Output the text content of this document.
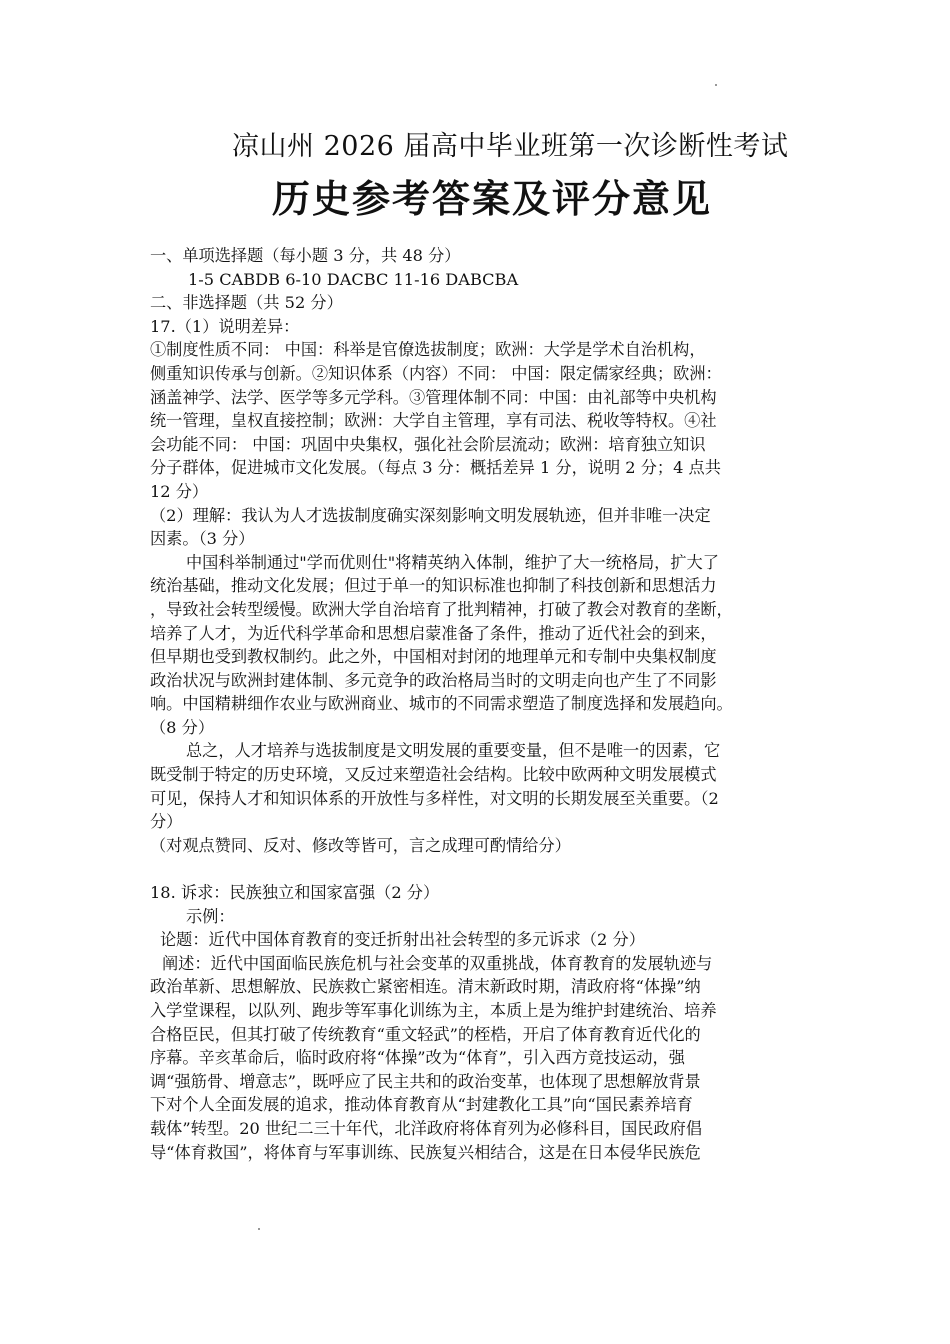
凉山州 2026 届高中毕业班第一次诊断性考试
历史参考答案及评分意见
一、单项选择题（每小题 3 分，共 48 分）
1-5 CABDB 6-10 DACBC 11-16 DABCBA
二、非选择题（共 52 分）
17.（1）说明差异：
①制度性质不同： 中国：科举是官僚选拔制度；欧洲：大学是学术自治机构，
侧重知识传承与创新。②知识体系（内容）不同： 中国：限定儒家经典；欧洲：
涵盖神学、法学、医学等多元学科。③管理体制不同：中国：由礼部等中央机构
统一管理，皇权直接控制；欧洲：大学自主管理，享有司法、税收等特权。④社
会功能不同： 中国：巩固中央集权，强化社会阶层流动；欧洲：培育独立知识
分子群体，促进城市文化发展。（每点 3 分：概括差异 1 分，说明 2 分；4 点共
12 分）
（2）理解：我认为人才选拔制度确实深刻影响文明发展轨迹，但并非唯一决定
因素。（3 分）
中国科举制通过"学而优则仕"将精英纳入体制，维护了大一统格局，扩大了
统治基础，推动文化发展；但过于单一的知识标准也抑制了科技创新和思想活力
，导致社会转型缓慢。欧洲大学自治培育了批判精神，打破了教会对教育的垄断，
培养了人才，为近代科学革命和思想启蒙准备了条件，推动了近代社会的到来，
但早期也受到教权制约。此之外，中国相对封闭的地理单元和专制中央集权制度
政治状况与欧洲封建体制、多元竞争的政治格局当时的文明走向也产生了不同影
响。中国精耕细作农业与欧洲商业、城市的不同需求塑造了制度选择和发展趋向。
（8 分）
总之，人才培养与选拔制度是文明发展的重要变量，但不是唯一的因素，它
既受制于特定的历史环境，又反过来塑造社会结构。比较中欧两种文明发展模式
可见，保持人才和知识体系的开放性与多样性，对文明的长期发展至关重要。（2
分）
（对观点赞同、反对、修改等皆可，言之成理可酌情给分）
18. 诉求：民族独立和国家富强（2 分）
示例：
论题：近代中国体育教育的变迁折射出社会转型的多元诉求（2 分）
阐述：近代中国面临民族危机与社会变革的双重挑战，体育教育的发展轨迹与
政治革新、思想解放、民族救亡紧密相连。清末新政时期，清政府将“体操”纳
入学堂课程，以队列、跑步等军事化训练为主，本质上是为维护封建统治、培养
合格臣民，但其打破了传统教育“重文轻武”的桎梏，开启了体育教育近代化的
序幕。辛亥革命后，临时政府将“体操”改为“体育”，引入西方竞技运动，强
调“强筋骨、增意志”，既呼应了民主共和的政治变革，也体现了思想解放背景
下对个人全面发展的追求，推动体育教育从“封建教化工具”向“国民素养培育
载体”转型。20 世纪二三十年代，北洋政府将体育列为必修科目，国民政府倡
导“体育救国”，将体育与军事训练、民族复兴相结合，这是在日本侵华民族危
